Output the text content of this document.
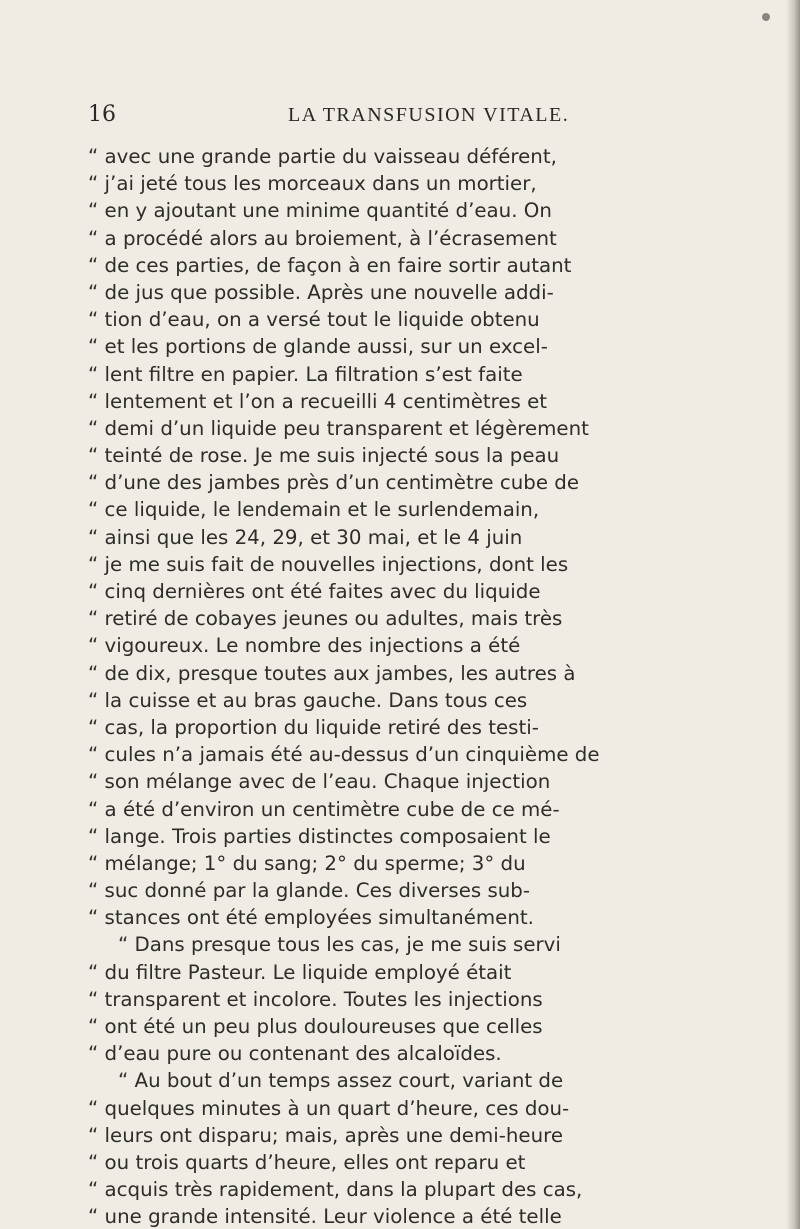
16	LA TRANSFUSION VITALE.
“ avec une grande partie du vaisseau déférent,
“ j’ai jeté tous les morceaux dans un mortier,
“ en y ajoutant une minime quantité d’eau. On
“ a procédé alors au broiement, à l’écrasement
“ de ces parties, de façon à en faire sortir autant
“ de jus que possible. Après une nouvelle addi-
“ tion d’eau, on a versé tout le liquide obtenu
“ et les portions de glande aussi, sur un excel-
“ lent filtre en papier. La filtration s’est faite
“ lentement et l’on a recueilli 4 centimètres et
“ demi d’un liquide peu transparent et légèrement
“ teinté de rose. Je me suis injecté sous la peau
“ d’une des jambes près d’un centimètre cube de
“ ce liquide, le lendemain et le surlendemain,
“ ainsi que les 24, 29, et 30 mai, et le 4 juin
“ je me suis fait de nouvelles injections, dont les
“ cinq dernières ont été faites avec du liquide
“ retiré de cobayes jeunes ou adultes, mais très
“ vigoureux. Le nombre des injections a été
“ de dix, presque toutes aux jambes, les autres à
“ la cuisse et au bras gauche. Dans tous ces
“ cas, la proportion du liquide retiré des testi-
“ cules n’a jamais été au-dessus d’un cinquième de
“ son mélange avec de l’eau. Chaque injection
“ a été d’environ un centimètre cube de ce mé-
“ lange. Trois parties distinctes composaient le
“ mélange; 1° du sang; 2° du sperme; 3° du
“ suc donné par la glande. Ces diverses sub-
“ stances ont été employées simultanément.
“ Dans presque tous les cas, je me suis servi
“ du filtre Pasteur. Le liquide employé était
“ transparent et incolore. Toutes les injections
“ ont été un peu plus douloureuses que celles
“ d’eau pure ou contenant des alcaloïdes.
“ Au bout d’un temps assez court, variant de
“ quelques minutes à un quart d’heure, ces dou-
“ leurs ont disparu; mais, après une demi-heure
“ ou trois quarts d’heure, elles ont reparu et
“ acquis très rapidement, dans la plupart des cas,
“ une grande intensité. Leur violence a été telle
